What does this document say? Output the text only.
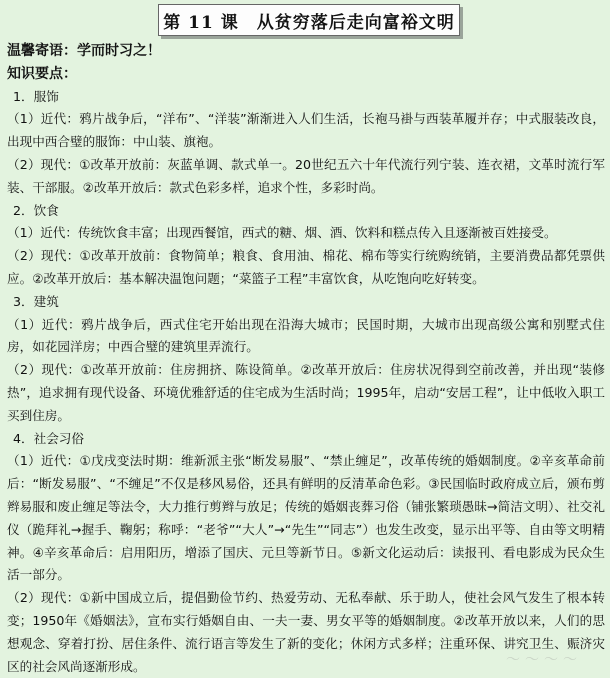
第 11 课　从贫穷落后走向富裕文明
温馨寄语：学而时习之！
知识要点：
1．服饰
（1）近代：鸦片战争后，“洋布”、“洋装”渐渐进入人们生活，长袍马褂与西装革履并存；中式服装改良，出现中西合璧的服饰：中山装、旗袍。
（2）现代：①改革开放前：灰蓝单调、款式单一。20世纪五六十年代流行列宁装、连衣裙，文革时流行军装、干部服。②改革开放后：款式色彩多样，追求个性，多彩时尚。
2．饮食
（1）近代：传统饮食丰富；出现西餐馆，西式的糖、烟、酒、饮料和糕点传入且逐渐被百姓接受。
（2）现代：①改革开放前：食物简单；粮食、食用油、棉花、棉布等实行统购统销，主要消费品都凭票供应。②改革开放后：基本解决温饱问题；“菜篮子工程”丰富饮食，从吃饱向吃好转变。
3．建筑
（1）近代：鸦片战争后，西式住宅开始出现在沿海大城市；民国时期，大城市出现高级公寓和别墅式住房，如花园洋房；中西合璧的建筑里弄流行。
（2）现代：①改革开放前：住房拥挤、陈设简单。②改革开放后：住房状况得到空前改善，并出现“装修热”，追求拥有现代设备、环境优雅舒适的住宅成为生活时尚；1995年，启动“安居工程”，让中低收入职工买到住房。
4．社会习俗
（1）近代：①戊戌变法时期：维新派主张“断发易服”、“禁止缠足”，改革传统的婚姻制度。②辛亥革命前后：“断发易服”、“不缠足”不仅是移风易俗，还具有鲜明的反清革命色彩。③民国临时政府成立后，颁布剪辫易服和废止缠足等法令，大力推行剪辫与放足；传统的婚姻丧葬习俗（铺张繁琐愚昧→简洁文明）、社交礼仪（跪拜礼→握手、鞠躬；称呼：“老爷”“大人”→“先生”“同志”）也发生改变，显示出平等、自由等文明精神。④辛亥革命后：启用阳历，增添了国庆、元旦等新节日。⑤新文化运动后：读报刊、看电影成为民众生活一部分。
（2）现代：①新中国成立后，提倡勤俭节约、热爱劳动、无私奉献、乐于助人，使社会风气发生了根本转变；1950年《婚姻法》，宣布实行婚姻自由、一夫一妻、男女平等的婚姻制度。②改革开放以来，人们的思想观念、穿着打扮、居住条件、流行语言等发生了新的变化；休闲方式多样；注重环保、讲究卫生、赈济灾区的社会风尚逐渐形成。	〜〜〜〜
